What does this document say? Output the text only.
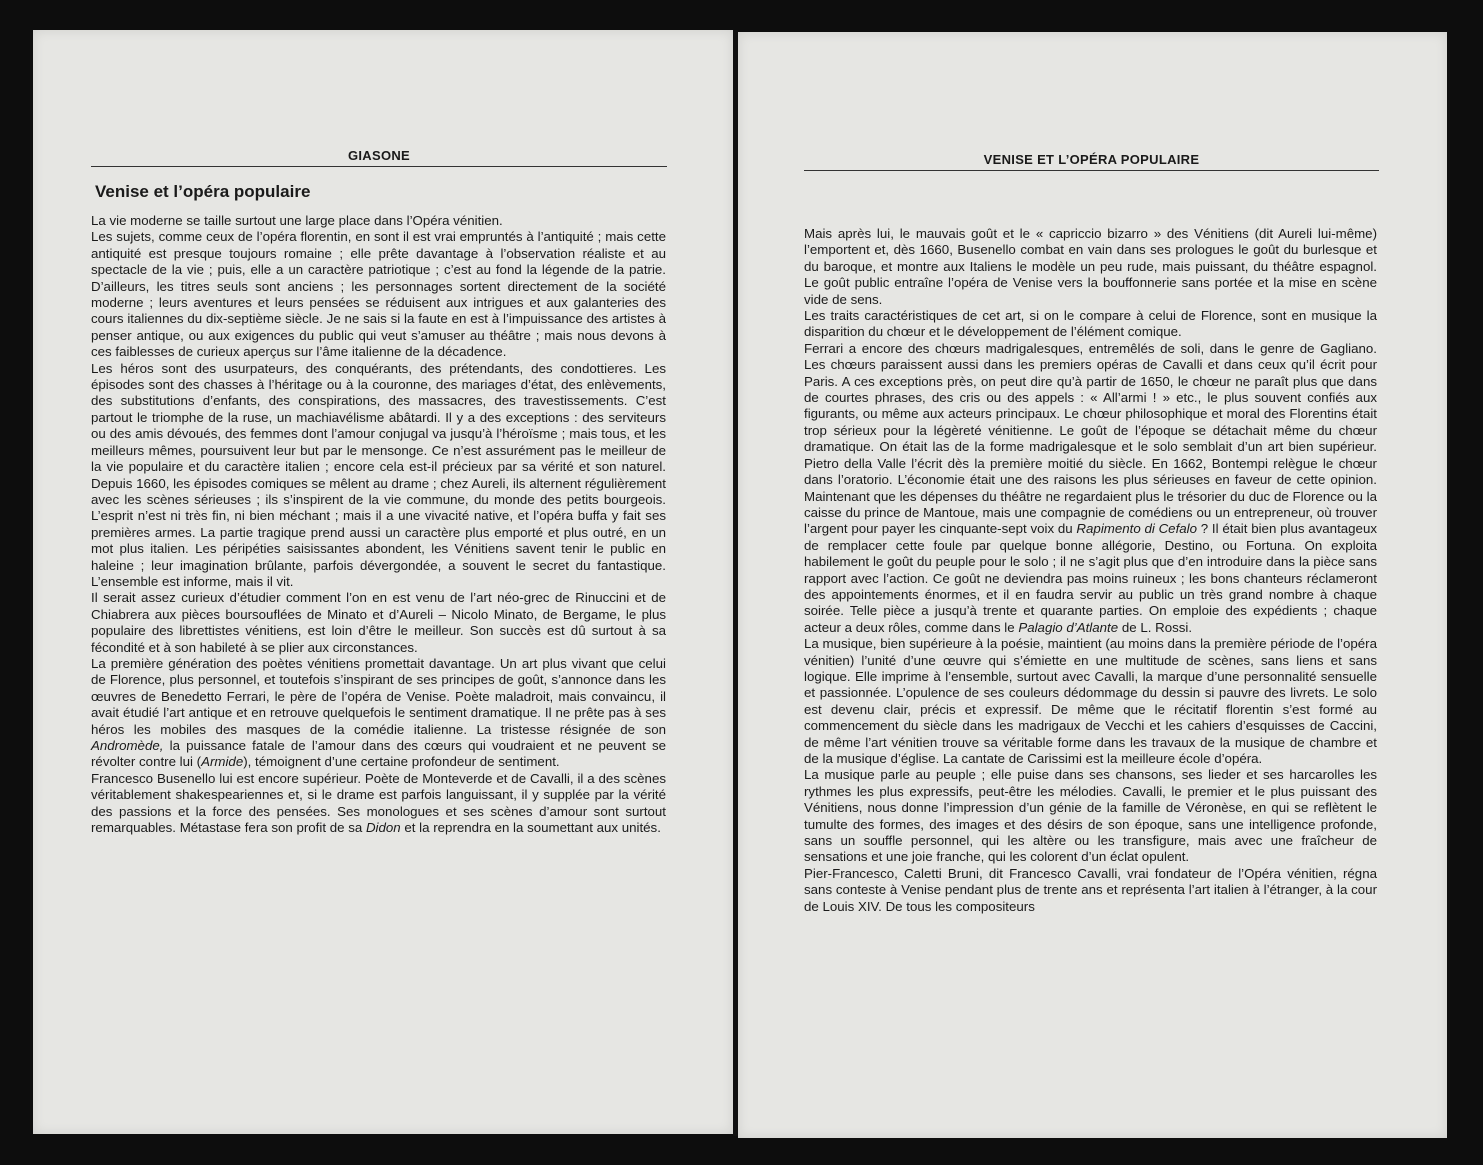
GIASONE
Venise et l’opéra populaire

La vie moderne se taille surtout une large place dans l’Opéra vénitien.

Les sujets, comme ceux de l’opéra florentin, en sont il est vrai empruntés à l’antiquité ; mais cette antiquité est presque toujours romaine ; elle prête davantage à l’observation réaliste et au spectacle de la vie ; puis, elle a un caractère patriotique ; c’est au fond la légende de la patrie. D’ailleurs, les titres seuls sont anciens ; les personnages sortent directement de la société moderne ; leurs aventures et leurs pensées se réduisent aux intrigues et aux galanteries des cours italiennes du dix-septième siècle. Je ne sais si la faute en est à l’impuissance des artistes à penser antique, ou aux exigences du public qui veut s’amuser au théâtre ; mais nous devons à ces faiblesses de curieux aperçus sur l’âme italienne de la décadence.

Les héros sont des usurpateurs, des conquérants, des prétendants, des condottieres. Les épisodes sont des chasses à l’héritage ou à la couronne, des mariages d’état, des enlèvements, des substitutions d’enfants, des conspirations, des massacres, des travestissements. C’est partout le triomphe de la ruse, un machiavélisme abâtardi. Il y a des exceptions : des serviteurs ou des amis dévoués, des femmes dont l’amour conjugal va jusqu’à l’héroïsme ; mais tous, et les meilleurs mêmes, poursuivent leur but par le mensonge. Ce n’est assurément pas le meilleur de la vie populaire et du caractère italien ; encore cela est-il précieux par sa vérité et son naturel. Depuis 1660, les épisodes comiques se mêlent au drame ; chez Aureli, ils alternent régulièrement avec les scènes sérieuses ; ils s’inspirent de la vie commune, du monde des petits bourgeois. L’esprit n’est ni très fin, ni bien méchant ; mais il a une vivacité native, et l’opéra buffa y fait ses premières armes. La partie tragique prend aussi un caractère plus emporté et plus outré, en un mot plus italien. Les péripéties saisissantes abondent, les Vénitiens savent tenir le public en haleine ; leur imagination brûlante, parfois dévergondée, a souvent le secret du fantastique. L’ensemble est informe, mais il vit.

Il serait assez curieux d’étudier comment l’on en est venu de l’art néo-grec de Rinuccini et de Chiabrera aux pièces boursouflées de Minato et d’Aureli – Nicolo Minato, de Bergame, le plus populaire des librettistes vénitiens, est loin d’être le meilleur. Son succès est dû surtout à sa fécondité et à son habileté à se plier aux circonstances.

La première génération des poètes vénitiens promettait davantage. Un art plus vivant que celui de Florence, plus personnel, et toutefois s’inspirant de ses principes de goût, s’annonce dans les œuvres de Benedetto Ferrari, le père de l’opéra de Venise. Poète maladroit, mais convaincu, il avait étudié l’art antique et en retrouve quelquefois le sentiment dramatique. Il ne prête pas à ses héros les mobiles des masques de la comédie italienne. La tristesse résignée de son Andromède, la puissance fatale de l’amour dans des cœurs qui voudraient et ne peuvent se révolter contre lui (Armide), témoignent d’une certaine profondeur de sentiment.

Francesco Busenello lui est encore supérieur. Poète de Monteverde et de Cavalli, il a des scènes véritablement shakespeariennes et, si le drame est parfois languissant, il y supplée par la vérité des passions et la force des pensées. Ses monologues et ses scènes d’amour sont surtout remarquables. Métastase fera son profit de sa Didon et la reprendra en la soumettant aux unités.

VENISE ET L’OPÉRA POPULAIRE

Mais après lui, le mauvais goût et le « capriccio bizarro » des Vénitiens (dit Aureli lui-même) l’emportent et, dès 1660, Busenello combat en vain dans ses prologues le goût du burlesque et du baroque, et montre aux Italiens le modèle un peu rude, mais puissant, du théâtre espagnol. Le goût public entraîne l’opéra de Venise vers la bouffonnerie sans portée et la mise en scène vide de sens.

Les traits caractéristiques de cet art, si on le compare à celui de Florence, sont en musique la disparition du chœur et le développement de l’élément comique.

Ferrari a encore des chœurs madrigalesques, entremêlés de soli, dans le genre de Gagliano. Les chœurs paraissent aussi dans les premiers opéras de Cavalli et dans ceux qu’il écrit pour Paris. A ces exceptions près, on peut dire qu’à partir de 1650, le chœur ne paraît plus que dans de courtes phrases, des cris ou des appels : « All’armi ! » etc., le plus souvent confiés aux figurants, ou même aux acteurs principaux. Le chœur philosophique et moral des Florentins était trop sérieux pour la légèreté vénitienne. Le goût de l’époque se détachait même du chœur dramatique. On était las de la forme madrigalesque et le solo semblait d’un art bien supérieur. Pietro della Valle l’écrit dès la première moitié du siècle. En 1662, Bontempi relègue le chœur dans l’oratorio. L’économie était une des raisons les plus sérieuses en faveur de cette opinion. Maintenant que les dépenses du théâtre ne regardaient plus le trésorier du duc de Florence ou la caisse du prince de Mantoue, mais une compagnie de comédiens ou un entrepreneur, où trouver l’argent pour payer les cinquante-sept voix du Rapimento di Cefalo ? Il était bien plus avantageux de remplacer cette foule par quelque bonne allégorie, Destino, ou Fortuna. On exploita habilement le goût du peuple pour le solo ; il ne s’agit plus que d’en introduire dans la pièce sans rapport avec l’action. Ce goût ne deviendra pas moins ruineux ; les bons chanteurs réclameront des appointements énormes, et il en faudra servir au public un très grand nombre à chaque soirée. Telle pièce a jusqu’à trente et quarante parties. On emploie des expédients ; chaque acteur a deux rôles, comme dans le Palagio d’Atlante de L. Rossi.

La musique, bien supérieure à la poésie, maintient (au moins dans la première période de l’opéra vénitien) l’unité d’une œuvre qui s’émiette en une multitude de scènes, sans liens et sans logique. Elle imprime à l’ensemble, surtout avec Cavalli, la marque d’une personnalité sensuelle et passionnée. L’opulence de ses couleurs dédommage du dessin si pauvre des livrets. Le solo est devenu clair, précis et expressif. De même que le récitatif florentin s’est formé au commencement du siècle dans les madrigaux de Vecchi et les cahiers d’esquisses de Caccini, de même l’art vénitien trouve sa véritable forme dans les travaux de la musique de chambre et de la musique d’église. La cantate de Carissimi est la meilleure école d’opéra.

La musique parle au peuple ; elle puise dans ses chansons, ses lieder et ses harcarolles les rythmes les plus expressifs, peut-être les mélodies. Cavalli, le premier et le plus puissant des Vénitiens, nous donne l’impression d’un génie de la famille de Véronèse, en qui se reflètent le tumulte des formes, des images et des désirs de son époque, sans une intelligence profonde, sans un souffle personnel, qui les altère ou les transfigure, mais avec une fraîcheur de sensations et une joie franche, qui les colorent d’un éclat opulent.

Pier-Francesco, Caletti Bruni, dit Francesco Cavalli, vrai fondateur de l’Opéra vénitien, régna sans conteste à Venise pendant plus de trente ans et représenta l’art italien à l’étranger, à la cour de Louis XIV. De tous les compositeurs
